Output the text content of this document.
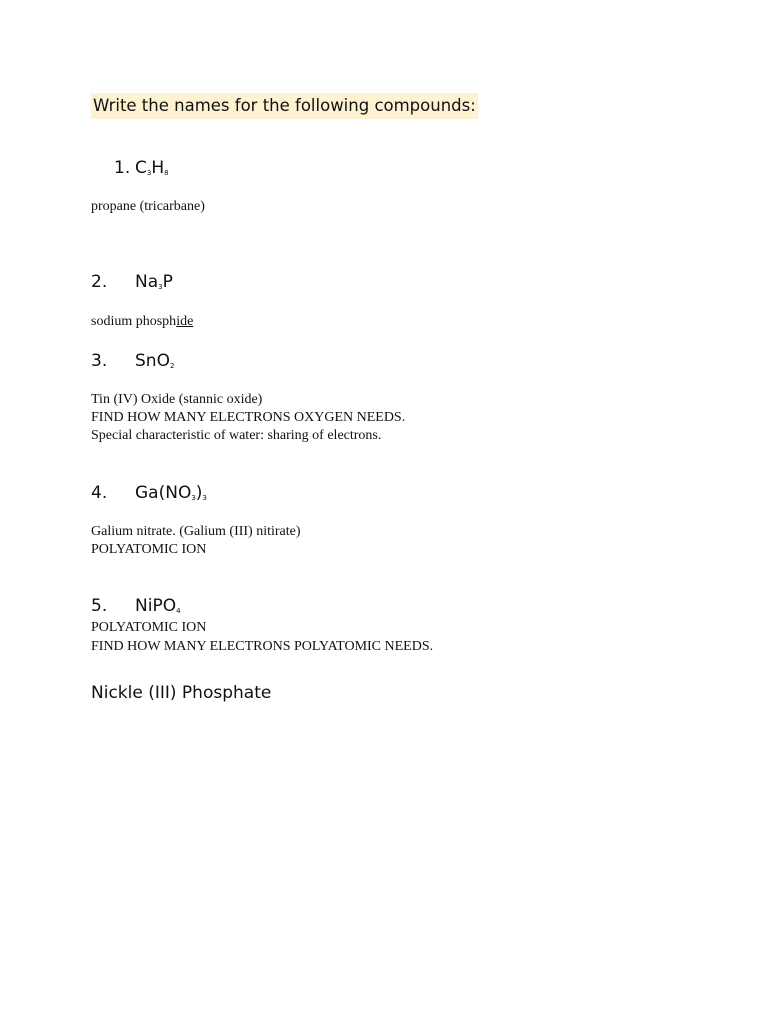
Write the names for the following compounds:
1. $C_3H_8$
propane (tricarbane)
2. $Na_3P$
sodium phosphide
3. SnO$_2$
Tin (IV) Oxide (stannic oxide)
FIND HOW MANY ELECTRONS OXYGEN NEEDS.
Special characteristic of water: sharing of electrons.
4. $Ga(NO_3)_3$
Galium nitrate. (Galium (III) nitirate)
POLYATOMIC ION
5. NiPO$_4$
POLYATOMIC ION
FIND HOW MANY ELECTRONS POLYATOMIC NEEDS.
Nickle (III) Phosphate
